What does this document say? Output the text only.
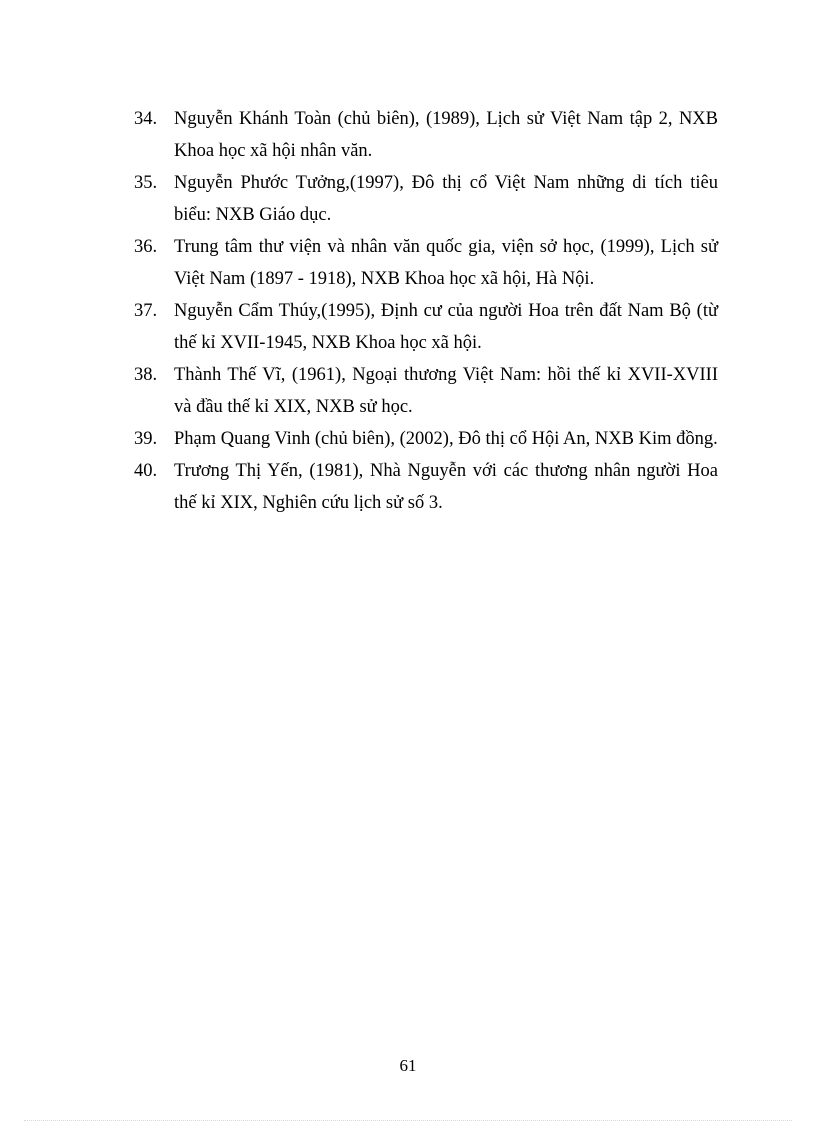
34. Nguyễn Khánh Toàn (chủ biên), (1989), Lịch sử Việt Nam tập 2, NXB Khoa học xã hội nhân văn.
35. Nguyễn Phước Tưởng,(1997), Đô thị cổ Việt Nam những di tích tiêu biểu: NXB Giáo dục.
36. Trung tâm thư viện và nhân văn quốc gia, viện sở học, (1999), Lịch sử Việt Nam (1897 - 1918), NXB Khoa học xã hội, Hà Nội.
37. Nguyễn Cẩm Thúy,(1995), Định cư của người Hoa trên đất Nam Bộ (từ thế kỉ XVII-1945, NXB Khoa học xã hội.
38. Thành Thế Vĩ, (1961), Ngoại thương Việt Nam: hồi thế kỉ XVII-XVIII và đầu thế kỉ XIX, NXB sử học.
39. Phạm Quang Vinh (chủ biên), (2002), Đô thị cổ Hội An, NXB Kim đồng.
40. Trương Thị Yến, (1981), Nhà Nguyễn với các thương nhân người Hoa thế kỉ XIX, Nghiên cứu lịch sử số 3.
61
